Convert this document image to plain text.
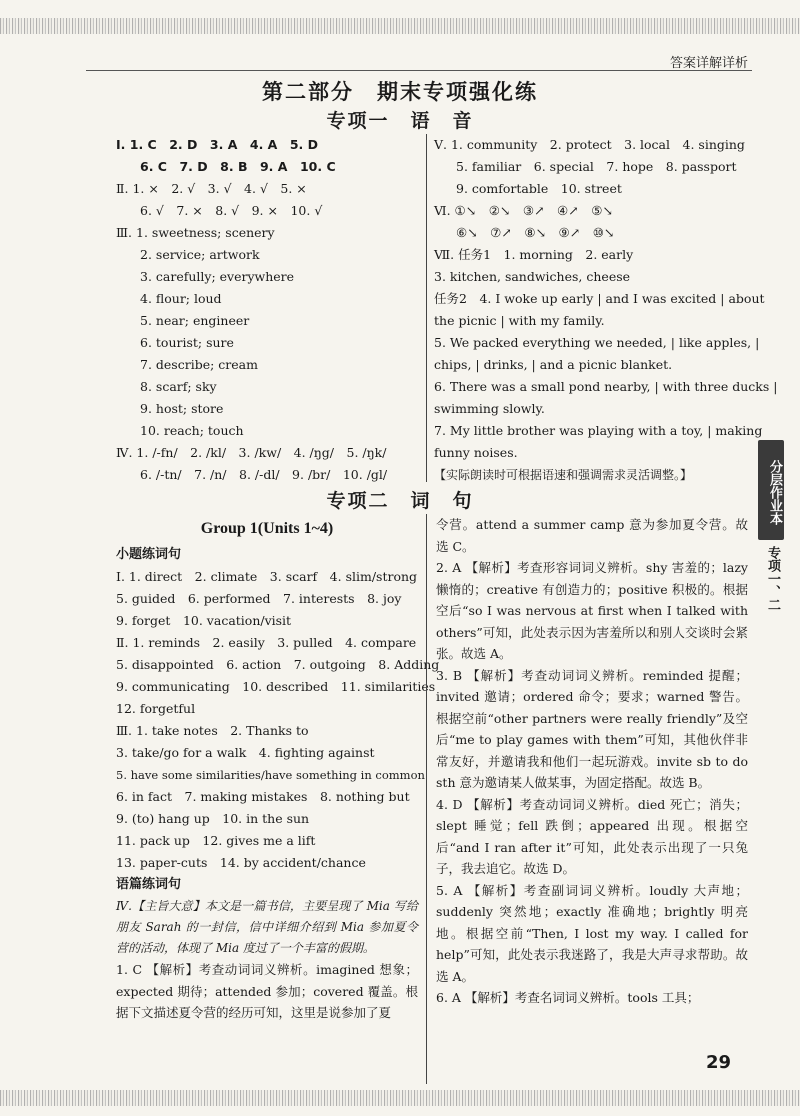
答案详解详析
第二部分　期末专项强化练
专项一　语　音
Ⅰ. 1. C　2. D　3. A　4. A　5. D
6. C　7. D　8. B　9. A　10. C
Ⅱ. 1. ×　2. √　3. √　4. √　5. ×
6. √　7. ×　8. √　9. ×　10. √
Ⅲ. 1. sweetness; scenery
2. service; artwork
3. carefully; everywhere
4. flour; loud
5. near; engineer
6. tourist; sure
7. describe; cream
8. scarf; sky
9. host; store
10. reach; touch
Ⅳ. 1. /-fn/　2. /kl/　3. /kw/　4. /ŋg/　5. /ŋk/
6. /-tn/　7. /n/　8. /-dl/　9. /br/　10. /gl/
Ⅴ. 1. community　2. protect　3. local　4. singing
5. familiar　6. special　7. hope　8. passport
9. comfortable　10. street
Ⅵ. ①↘　②↘　③↗　④↗　⑤↘
⑥↘　⑦↗　⑧↘　⑨↗　⑩↘
Ⅶ. 任务1　1. morning　2. early
3. kitchen, sandwiches, cheese
任务2　4. I woke up early | and I was excited | about
the picnic | with my family.
5. We packed everything we needed, | like apples, |
chips, | drinks, | and a picnic blanket.
6. There was a small pond nearby, | with three ducks |
swimming slowly.
7. My little brother was playing with a toy, | making
funny noises.
【实际朗读时可根据语速和强调需求灵活调整。】
专项二　词　句
Group 1(Units 1~4)
小题练词句
Ⅰ. 1. direct　2. climate　3. scarf　4. slim/strong
5. guided　6. performed　7. interests　8. joy
9. forget　10. vacation/visit
Ⅱ. 1. reminds　2. easily　3. pulled　4. compare
5. disappointed　6. action　7. outgoing　8. Adding
9. communicating　10. described　11. similarities
12. forgetful
Ⅲ. 1. take notes　2. Thanks to
3. take/go for a walk　4. fighting against
5. have some similarities/have something in common
6. in fact　7. making mistakes　8. nothing but
9. (to) hang up　10. in the sun
11. pack up　12. gives me a lift
13. paper-cuts　14. by accident/chance
语篇练词句
Ⅳ.【主旨大意】本文是一篇书信，主要呈现了 Mia 写给朋友 Sarah 的一封信，信中详细介绍到 Mia 参加夏令营的活动，体现了 Mia 度过了一个丰富的假期。
1. C 【解析】考查动词词义辨析。imagined 想象；expected 期待；attended 参加；covered 覆盖。根据下文描述夏令营的经历可知，这里是说参加了夏
令营。attend a summer camp 意为参加夏令营。故选 C。
2. A 【解析】考查形容词词义辨析。shy 害羞的；lazy 懒惰的；creative 有创造力的；positive 积极的。根据空后“so I was nervous at first when I talked with others”可知，此处表示因为害羞所以和别人交谈时会紧张。故选 A。
3. B 【解析】考查动词词义辨析。reminded 提醒；invited 邀请；ordered 命令；要求；warned 警告。根据空前“other partners were really friendly”及空后“me to play games with them”可知，其他伙伴非常友好，并邀请我和他们一起玩游戏。invite sb to do sth 意为邀请某人做某事，为固定搭配。故选 B。
4. D 【解析】考查动词词义辨析。died 死亡；消失；slept 睡觉；fell 跌倒；appeared 出现。根据空后“and I ran after it”可知，此处表示出现了一只兔子，我去追它。故选 D。
5. A 【解析】考查副词词义辨析。loudly 大声地；suddenly 突然地；exactly 准确地；brightly 明亮地。根据空前“Then, I lost my way. I called for help”可知，此处表示我迷路了，我是大声寻求帮助。故选 A。
6. A 【解析】考查名词词义辨析。tools 工具；
分层作业本
专项一、二
29
